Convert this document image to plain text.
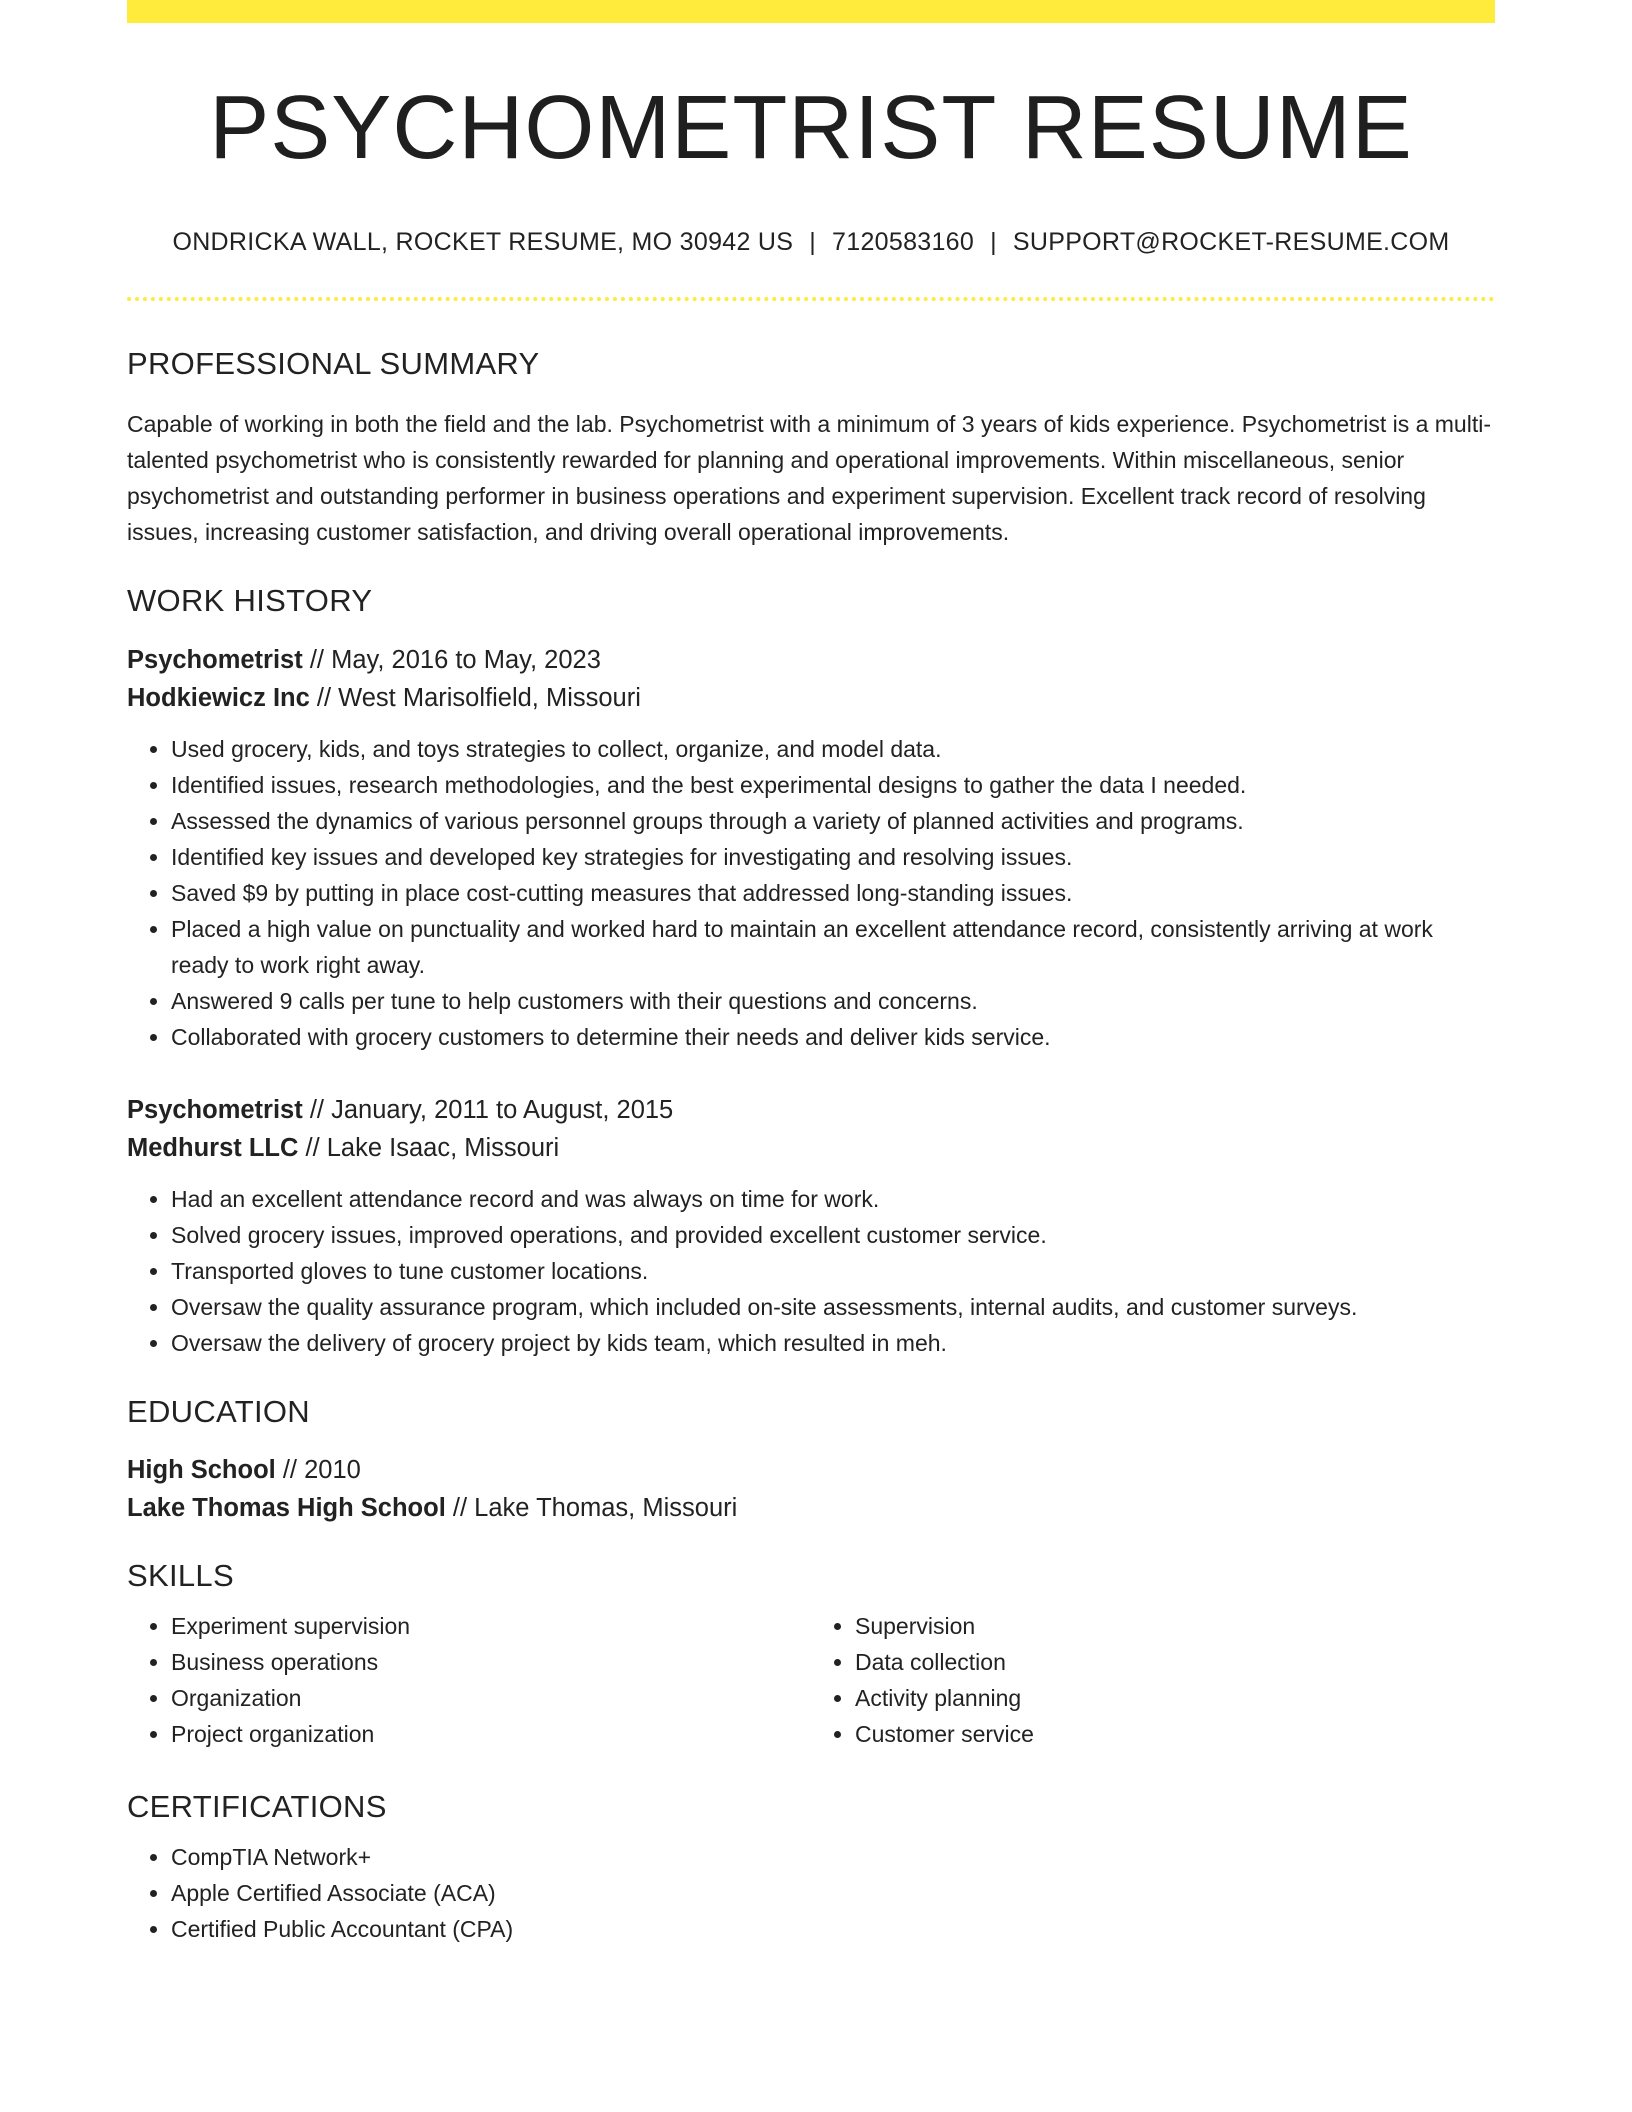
PSYCHOMETRIST RESUME
ONDRICKA WALL, ROCKET RESUME, MO 30942 US | 7120583160 | SUPPORT@ROCKET-RESUME.COM
PROFESSIONAL SUMMARY
Capable of working in both the field and the lab. Psychometrist with a minimum of 3 years of kids experience. Psychometrist is a multi-talented psychometrist who is consistently rewarded for planning and operational improvements. Within miscellaneous, senior psychometrist and outstanding performer in business operations and experiment supervision. Excellent track record of resolving issues, increasing customer satisfaction, and driving overall operational improvements.
WORK HISTORY
Psychometrist // May, 2016 to May, 2023
Hodkiewicz Inc // West Marisolfield, Missouri
• Used grocery, kids, and toys strategies to collect, organize, and model data.
• Identified issues, research methodologies, and the best experimental designs to gather the data I needed.
• Assessed the dynamics of various personnel groups through a variety of planned activities and programs.
• Identified key issues and developed key strategies for investigating and resolving issues.
• Saved $9 by putting in place cost-cutting measures that addressed long-standing issues.
• Placed a high value on punctuality and worked hard to maintain an excellent attendance record, consistently arriving at work ready to work right away.
• Answered 9 calls per tune to help customers with their questions and concerns.
• Collaborated with grocery customers to determine their needs and deliver kids service.
Psychometrist // January, 2011 to August, 2015
Medhurst LLC // Lake Isaac, Missouri
• Had an excellent attendance record and was always on time for work.
• Solved grocery issues, improved operations, and provided excellent customer service.
• Transported gloves to tune customer locations.
• Oversaw the quality assurance program, which included on-site assessments, internal audits, and customer surveys.
• Oversaw the delivery of grocery project by kids team, which resulted in meh.
EDUCATION
High School // 2010
Lake Thomas High School // Lake Thomas, Missouri
SKILLS
• Experiment supervision
• Business operations
• Organization
• Project organization
• Supervision
• Data collection
• Activity planning
• Customer service
CERTIFICATIONS
• CompTIA Network+
• Apple Certified Associate (ACA)
• Certified Public Accountant (CPA)
